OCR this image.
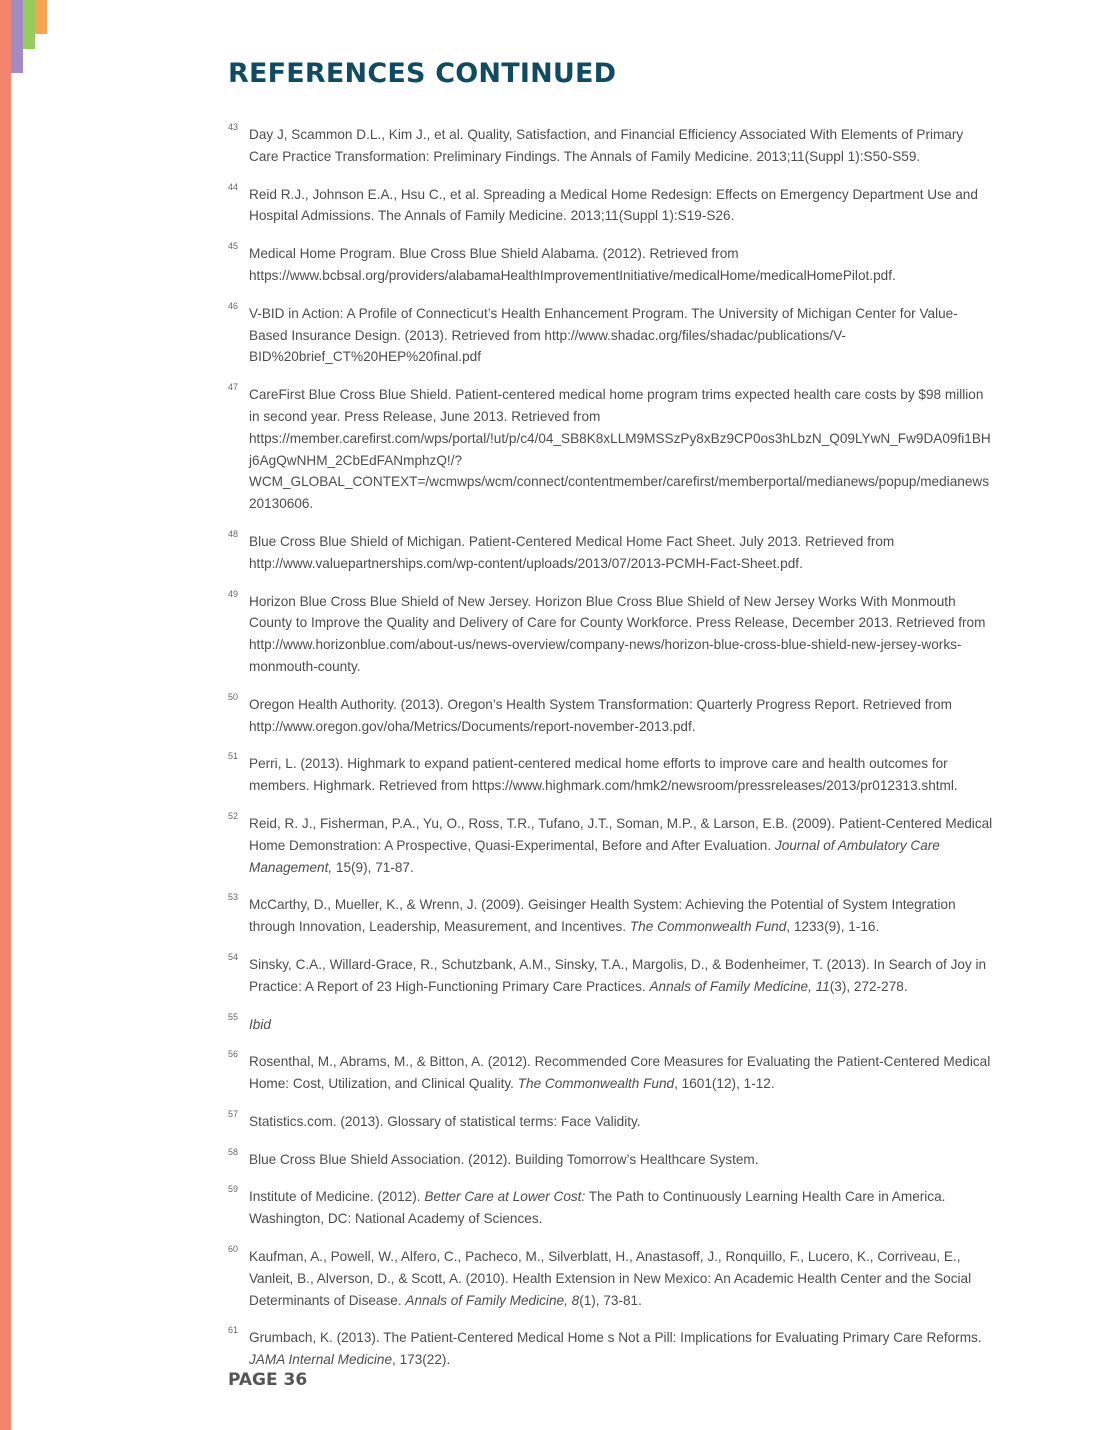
REFERENCES CONTINUED
43 Day J, Scammon D.L., Kim J., et al. Quality, Satisfaction, and Financial Efficiency Associated With Elements of Primary Care Practice Transformation: Preliminary Findings. The Annals of Family Medicine. 2013;11(Suppl 1):S50-S59.
44 Reid R.J., Johnson E.A., Hsu C., et al. Spreading a Medical Home Redesign: Effects on Emergency Department Use and Hospital Admissions. The Annals of Family Medicine. 2013;11(Suppl 1):S19-S26.
45 Medical Home Program. Blue Cross Blue Shield Alabama. (2012). Retrieved from https://www.bcbsal.org/providers/alabamaHealthImprovementInitiative/medicalHome/medicalHomePilot.pdf.
46 V-BID in Action: A Profile of Connecticut’s Health Enhancement Program. The University of Michigan Center for Value-Based Insurance Design. (2013). Retrieved from http://www.shadac.org/files/shadac/publications/V-BID%20brief_CT%20HEP%20final.pdf
47 CareFirst Blue Cross Blue Shield. Patient-centered medical home program trims expected health care costs by $98 million in second year. Press Release, June 2013. Retrieved from https://member.carefirst.com/wps/portal/!ut/p/c4/04_SB8K8xLLM9MSSzPy8xBz9CP0os3hLbzN_Q09LYwN_Fw9DA09fi1BHj6AgQwNHM_2CbEdFANmphzQ!/?WCM_GLOBAL_CONTEXT=/wcmwps/wcm/connect/contentmember/carefirst/memberportal/medianews/popup/medianews20130606.
48 Blue Cross Blue Shield of Michigan. Patient-Centered Medical Home Fact Sheet. July 2013. Retrieved from http://www.valuepartnerships.com/wp-content/uploads/2013/07/2013-PCMH-Fact-Sheet.pdf.
49 Horizon Blue Cross Blue Shield of New Jersey. Horizon Blue Cross Blue Shield of New Jersey Works With Monmouth County to Improve the Quality and Delivery of Care for County Workforce. Press Release, December 2013. Retrieved from http://www.horizonblue.com/about-us/news-overview/company-news/horizon-blue-cross-blue-shield-new-jersey-works-monmouth-county.
50 Oregon Health Authority. (2013). Oregon’s Health System Transformation: Quarterly Progress Report. Retrieved from http://www.oregon.gov/oha/Metrics/Documents/report-november-2013.pdf.
51 Perri, L. (2013). Highmark to expand patient-centered medical home efforts to improve care and health outcomes for members. Highmark. Retrieved from https://www.highmark.com/hmk2/newsroom/pressreleases/2013/pr012313.shtml.
52 Reid, R. J., Fisherman, P.A., Yu, O., Ross, T.R., Tufano, J.T., Soman, M.P., & Larson, E.B. (2009). Patient-Centered Medical Home Demonstration: A Prospective, Quasi-Experimental, Before and After Evaluation. Journal of Ambulatory Care Management, 15(9), 71-87.
53 McCarthy, D., Mueller, K., & Wrenn, J. (2009). Geisinger Health System: Achieving the Potential of System Integration through Innovation, Leadership, Measurement, and Incentives. The Commonwealth Fund, 1233(9), 1-16.
54 Sinsky, C.A., Willard-Grace, R., Schutzbank, A.M., Sinsky, T.A., Margolis, D., & Bodenheimer, T. (2013). In Search of Joy in Practice: A Report of 23 High-Functioning Primary Care Practices. Annals of Family Medicine, 11(3), 272-278.
55 Ibid
56 Rosenthal, M., Abrams, M., & Bitton, A. (2012). Recommended Core Measures for Evaluating the Patient-Centered Medical Home: Cost, Utilization, and Clinical Quality. The Commonwealth Fund, 1601(12), 1-12.
57 Statistics.com. (2013). Glossary of statistical terms: Face Validity.
58 Blue Cross Blue Shield Association. (2012). Building Tomorrow’s Healthcare System.
59 Institute of Medicine. (2012). Better Care at Lower Cost: The Path to Continuously Learning Health Care in America. Washington, DC: National Academy of Sciences.
60 Kaufman, A., Powell, W., Alfero, C., Pacheco, M., Silverblatt, H., Anastasoff, J., Ronquillo, F., Lucero, K., Corriveau, E., Vanleit, B., Alverson, D., & Scott, A. (2010). Health Extension in New Mexico: An Academic Health Center and the Social Determinants of Disease. Annals of Family Medicine, 8(1), 73-81.
61 Grumbach, K. (2013). The Patient-Centered Medical Home s Not a Pill: Implications for Evaluating Primary Care Reforms. JAMA Internal Medicine, 173(22).
PAGE 36
